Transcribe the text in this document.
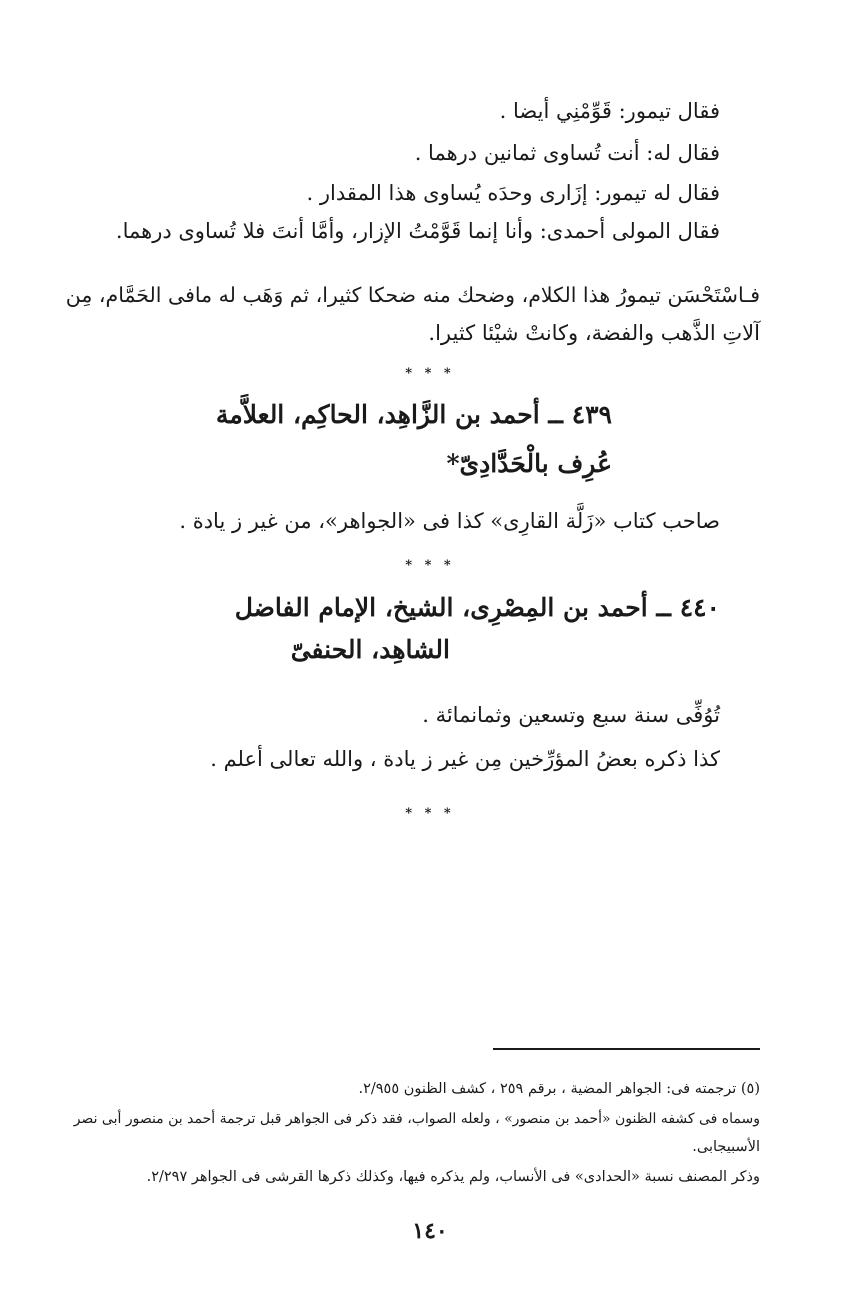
فقال تيمور: قَوِّمْنِي أيضا .
فقال له: أنت تُساوى ثمانين درهما .
فقال له تيمور: إزَارى وحدَه يُساوى هذا المقدار .
فقال المولى أحمدى: وأنا إنما قَوَّمْتُ الإزار، وأمَّا أنتَ فلا تُساوى درهما.
فـاسْتَحْسَن تيمورُ هذا الكلام، وضحك منه ضحكا كثيرا، ثم وَهَب له مافى الحَمَّام، مِن
آلاتِ الذَّهب والفضة، وكانتْ شيْئا كثيرا.
* * *
٤٣٩ ــ أحمد بن الزَّاهِد، الحاكِم، العلاَّمة
عُرِف بالْحَدَّادِىّ*
صاحب كتاب «زَلَّة القارِى» كذا فى «الجواهر»، من غير ز يادة .
* * *
٤٤٠ ــ أحمد بن المِصْرِى، الشيخ، الإمام الفاضل
الشاهِد، الحنفىّ
تُوُفِّى سنة سبع وتسعين وثمانمائة .
كذا ذكره بعضُ المؤرِّخين مِن غير ز يادة ، والله تعالى أعلم .
* * *
(٥) ترجمته فى: الجواهر المضية ، برقم ٢٥٩ ، كشف الظنون ٢/٩٥٥.
وسماه فى كشفه الظنون «أحمد بن منصور» ، ولعله الصواب، فقد ذكر فى الجواهر قبل ترجمة أحمد بن منصور أبى نصر
الأسبيجابى.
وذكر المصنف نسبة «الحدادى» فى الأنساب، ولم يذكره فيها، وكذلك ذكرها القرشى فى الجواهر ٢/٢٩٧.
١٤٠
